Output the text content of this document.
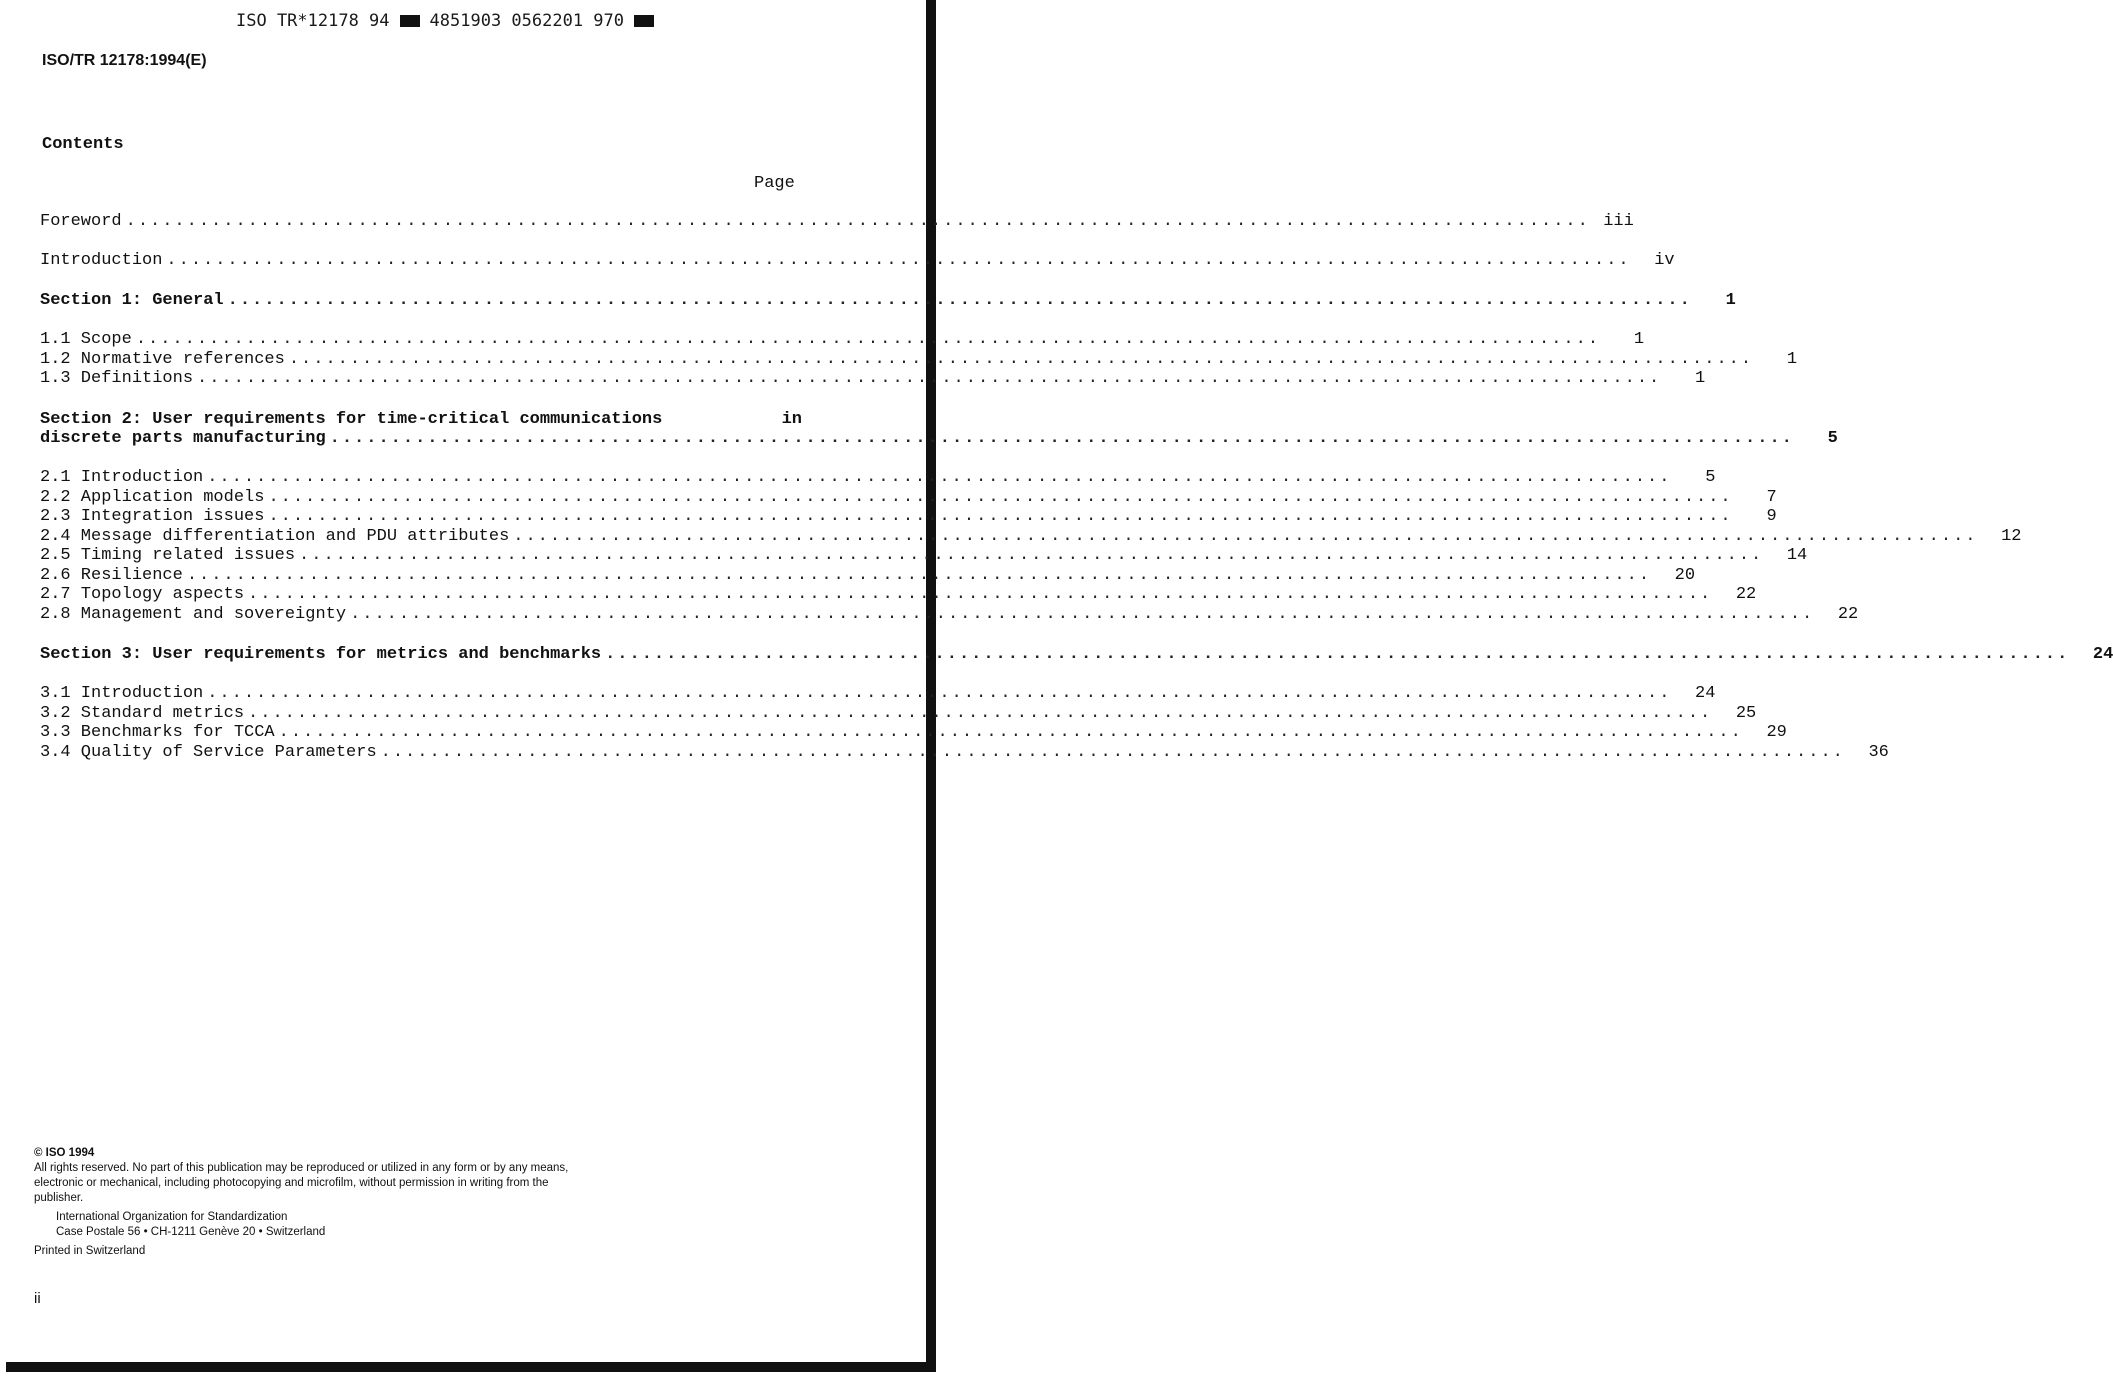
ISO TR*12178 94 4851903 0562201 970
ISO/TR 12178:1994(E)
Contents
Page
Foreword ........................................................................................................................ iii
Introduction ........................................................................................................................	iv
Section 1: General ........................................................................................................................	1
1.1 Scope ........................................................................................................................	1
1.2 Normative references ........................................................................................................................	1
1.3 Definitions ........................................................................................................................	1
Section 2: User requirements for time-critical communications	in
discrete parts manufacturing ........................................................................................................................	5
2.1 Introduction ........................................................................................................................	5
2.2 Application models ........................................................................................................................	7
2.3 Integration issues ........................................................................................................................	9
2.4 Message differentiation and PDU attributes ........................................................................................................................	12
2.5 Timing related issues ........................................................................................................................	14
2.6 Resilience ........................................................................................................................	20
2.7 Topology aspects ........................................................................................................................	22
2.8 Management and sovereignty ........................................................................................................................	22
Section 3: User requirements for metrics and benchmarks ........................................................................................................................	24
3.1 Introduction ........................................................................................................................	24
3.2 Standard metrics ........................................................................................................................	25
3.3 Benchmarks for TCCA ........................................................................................................................	29
3.4 Quality of Service Parameters ........................................................................................................................	36

© ISO 1994

All rights reserved. No part of this publication may be reproduced or utilized in any form or by any means, electronic or mechanical, including photocopying and microfilm, without permission in writing from the publisher.

International Organization for Standardization

Case Postale 56 • CH-1211 Genève 20 • Switzerland

Printed in Switzerland

ii
